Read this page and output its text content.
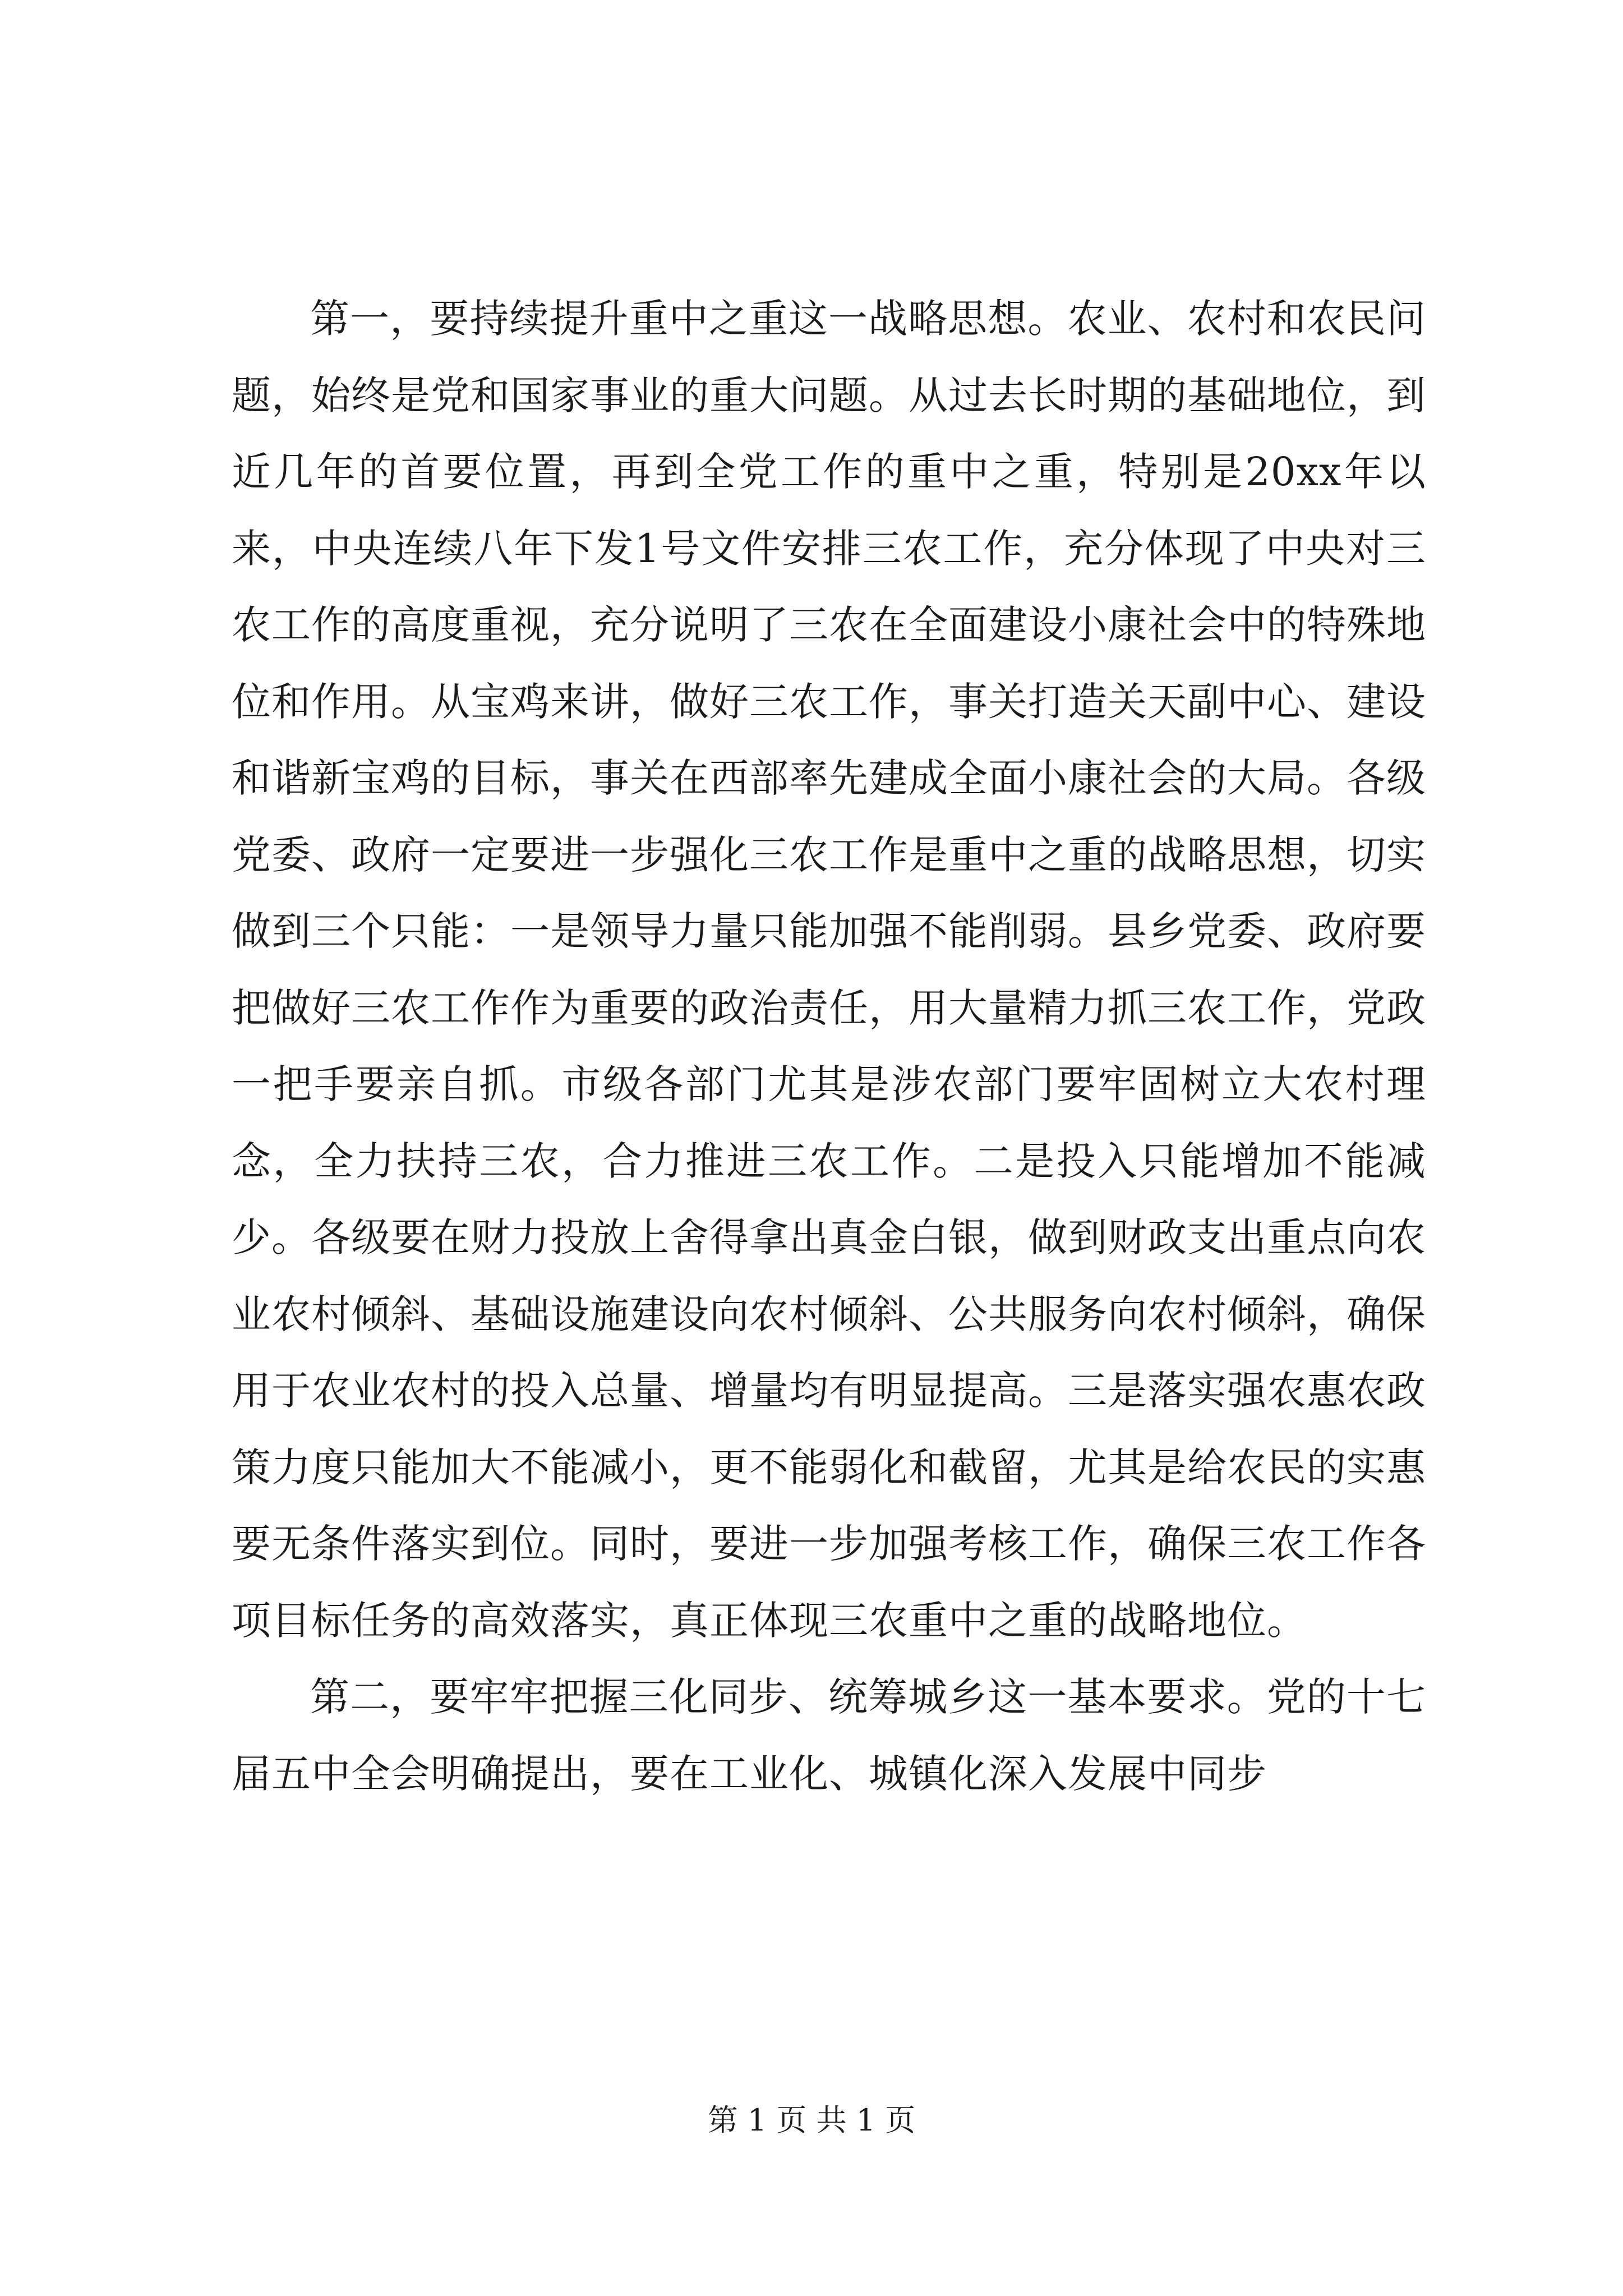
第一，要持续提升重中之重这一战略思想。农业、农村和农民问题，始终是党和国家事业的重大问题。从过去长时期的基础地位，到近几年的首要位置，再到全党工作的重中之重，特别是20xx年以来，中央连续八年下发1号文件安排三农工作，充分体现了中央对三农工作的高度重视，充分说明了三农在全面建设小康社会中的特殊地位和作用。从宝鸡来讲，做好三农工作，事关打造关天副中心、建设和谐新宝鸡的目标，事关在西部率先建成全面小康社会的大局。各级党委、政府一定要进一步强化三农工作是重中之重的战略思想，切实做到三个只能：一是领导力量只能加强不能削弱。县乡党委、政府要把做好三农工作作为重要的政治责任，用大量精力抓三农工作，党政一把手要亲自抓。市级各部门尤其是涉农部门要牢固树立大农村理念，全力扶持三农，合力推进三农工作。二是投入只能增加不能减少。各级要在财力投放上舍得拿出真金白银，做到财政支出重点向农业农村倾斜、基础设施建设向农村倾斜、公共服务向农村倾斜，确保用于农业农村的投入总量、增量均有明显提高。三是落实强农惠农政策力度只能加大不能减小，更不能弱化和截留，尤其是给农民的实惠要无条件落实到位。同时，要进一步加强考核工作，确保三农工作各项目标任务的高效落实，真正体现三农重中之重的战略地位。

第二，要牢牢把握三化同步、统筹城乡这一基本要求。党的十七届五中全会明确提出，要在工业化、城镇化深入发展中同步

第 1 页 共 1 页
